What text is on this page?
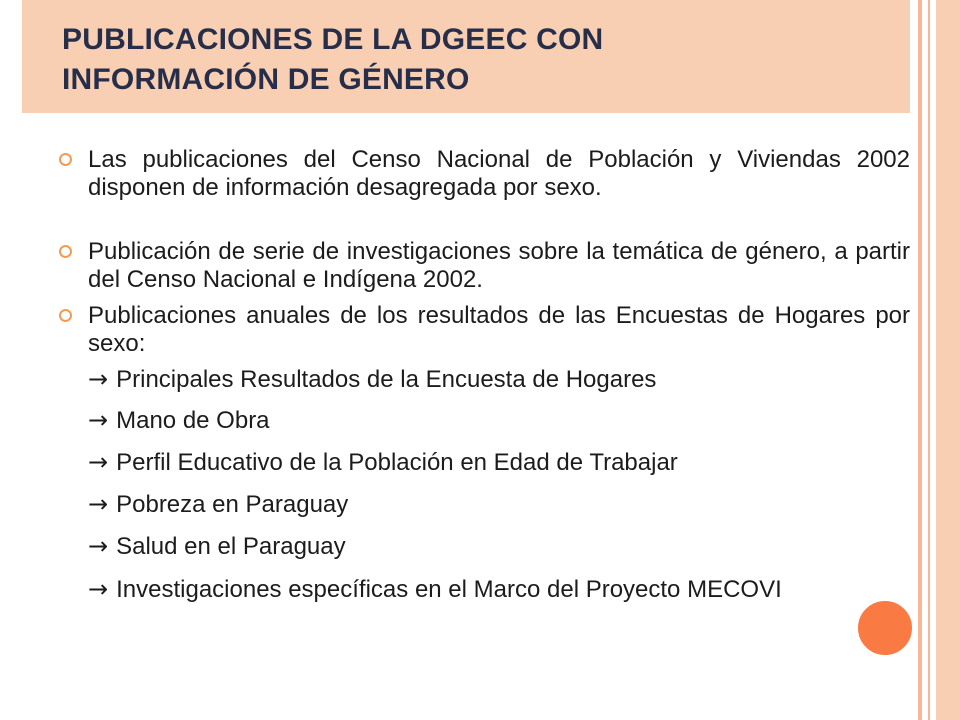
PUBLICACIONES DE LA DGEEC CON
INFORMACIÓN DE GÉNERO
Las publicaciones del Censo Nacional de Población y Viviendas 2002 disponen de información desagregada por sexo.
Publicación de serie de investigaciones sobre la temática de género, a partir del Censo Nacional e Indígena 2002.
Publicaciones anuales de los resultados de las Encuestas de Hogares por sexo:
→ Principales Resultados de la Encuesta de Hogares
→ Mano de Obra
→ Perfil Educativo de la Población en Edad de Trabajar
→ Pobreza en Paraguay
→ Salud en el Paraguay
→ Investigaciones específicas en el Marco del Proyecto MECOVI
